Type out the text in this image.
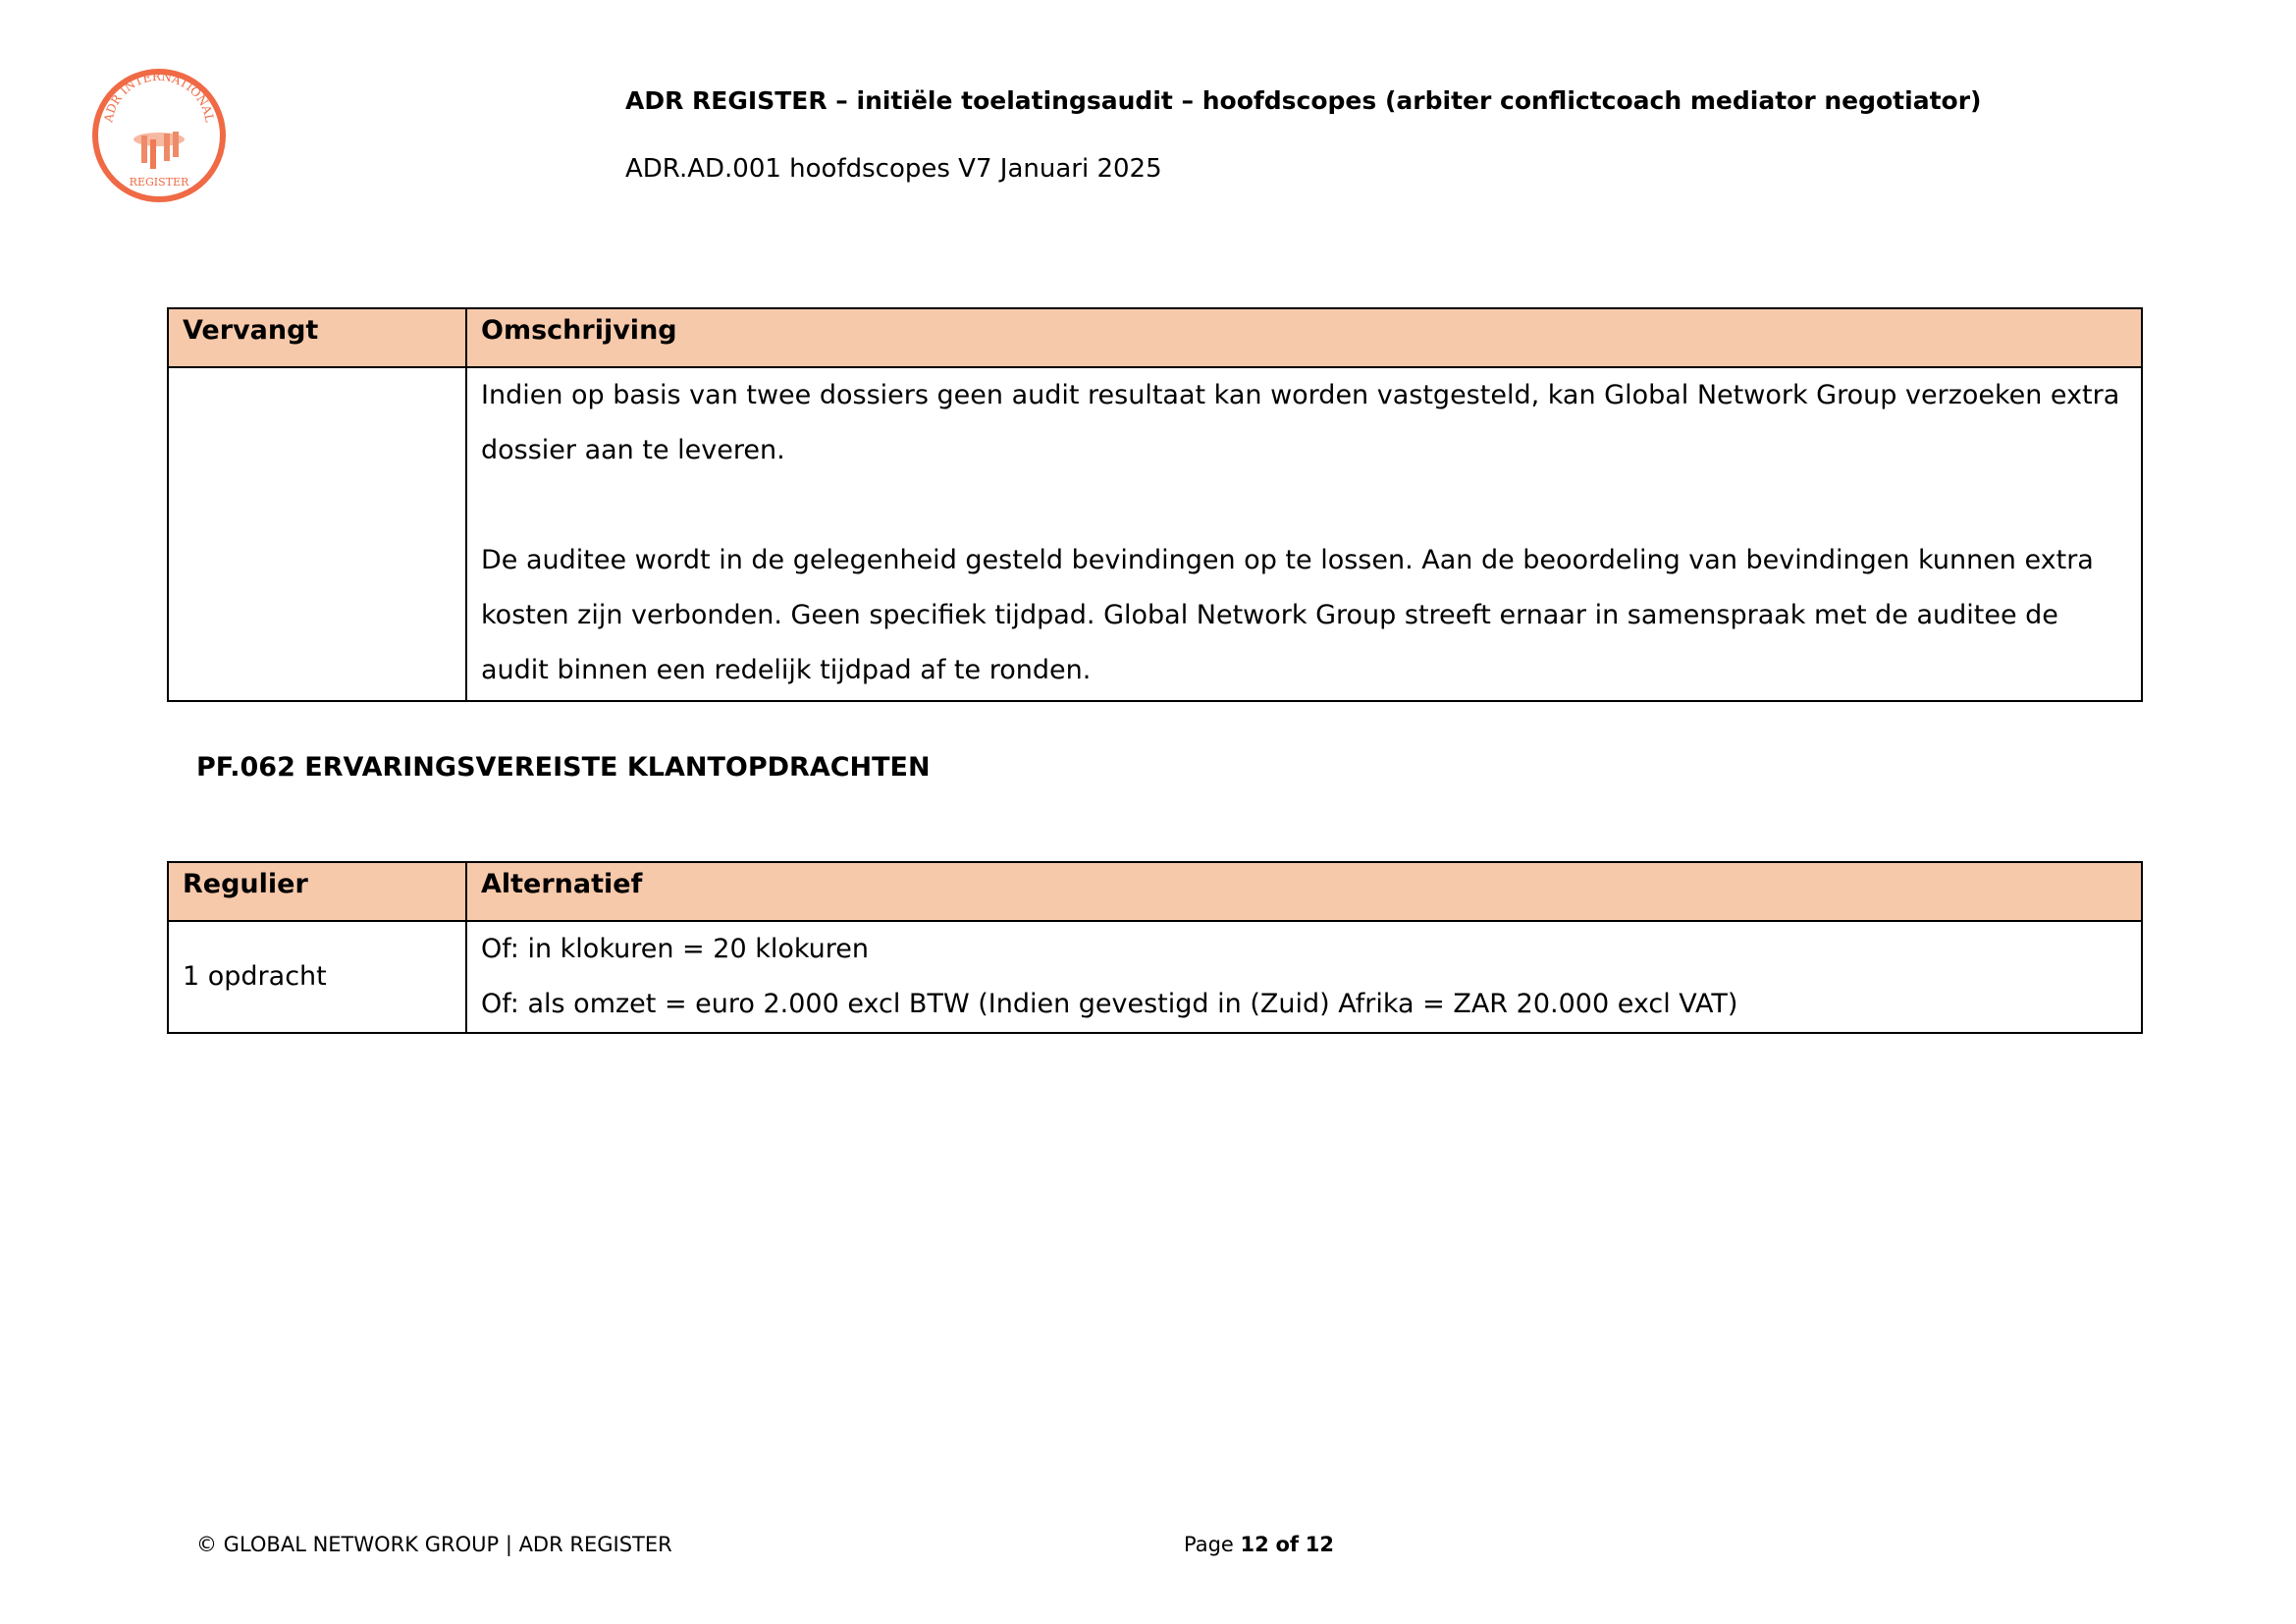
ADR INTERNATIONAL
REGISTER
ADR REGISTER – initiële toelatingsaudit – hoofdscopes (arbiter conflictcoach mediator negotiator)
ADR.AD.001 hoofdscopes V7 Januari 2025
Vervangt	Omschrijving

	Indien op basis van twee dossiers geen audit resultaat kan worden vastgesteld, kan Global Network Group verzoeken extra dossier aan te leveren.
De auditee wordt in de gelegenheid gesteld bevindingen op te lossen. Aan de beoordeling van bevindingen kunnen extra kosten zijn verbonden. Geen specifiek tijdpad. Global Network Group streeft ernaar in samenspraak met de auditee de audit binnen een redelijk tijdpad af te ronden.
PF.062 ERVARINGSVEREISTE KLANTOPDRACHTEN
Regulier	Alternatief
1 opdracht	Of: in klokuren = 20 klokuren
Of: als omzet = euro 2.000 excl BTW (Indien gevestigd in (Zuid) Afrika = ZAR 20.000 excl VAT)
© GLOBAL NETWORK GROUP | ADR REGISTER	Page 12 of 12
